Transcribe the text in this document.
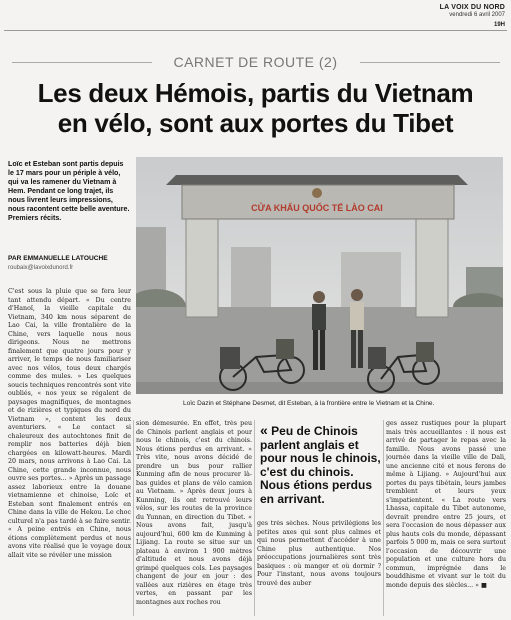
LA VOIX DU NORD
vendredi 6 avril 2007
19H
CARNET DE ROUTE (2)
Les deux Hémois, partis du Vietnam
en vélo, sont aux portes du Tibet
Loïc et Esteban sont partis depuis le 17 mars pour un périple à vélo, qui va les ramener du Vietnam à Hem. Pendant ce long trajet, ils nous livrent leurs impressions, nous racontent cette belle aventure. Premiers récits.
PAR EMMANUELLE LATOUCHE
roubaix@lavoixdunord.fr
CỬA KHẨU QUỐC TẾ LÀO CAI
Loïc Dazin et Stéphane Desmet, dit Esteban, à la frontière entre le Vietnam et la Chine.
C'est sous la pluie que se fera leur tant attendu départ. « Du centre d'Hanoï, la vieille capitale du Vietnam, 340 km nous séparent de Lao Cai, la ville frontalière de la Chine, vers laquelle nous nous dirigeons. Nous ne mettrons finalement que quatre jours pour y arriver, le temps de nous familiariser avec nos vélos, tous deux chargés comme des mules. » Les quelques soucis techniques rencontrés sont vite oubliés, « nos yeux se régalent de paysages magnifiques, de montagnes et de rizières et typiques du nord du Vietnam », content les deux aventuriers. « Le contact si chaleureux des autochtones finit de remplir nos batteries déjà bien chargées en kilowatt-heures. Mardi 20 mars, nous arrivons à Lao Cai. La Chine, cette grande inconnue, nous ouvre ses portes... » Après un passage assez laborieux entre la douane vietnamienne et chinoise, Loïc et Esteban sont finalement entrés en Chine dans la ville de Hekou. Le choc culturel n'a pas tardé à se faire sentir. « A peine entrés en Chine, nous étions complètement perdus et nous avons vite réalisé que le voyage doux allait vite se révéler une mission
sion démesurée. En effet, très peu de Chinois parlent anglais et pour nous le chinois, c'est du chinois. Nous étions perdus en arrivant. » Très vite, nous avons décidé de prendre un bus pour rallier Kunming afin de nous procurer là-bas guides et plans de vélo camion au Vietnam. » Après deux jours à Kunming, ils ont retrouvé leurs vélos, sur les routes de la province du Yunnan, en direction du Tibet. « Nous avons fait, jusqu'à aujourd'hui, 600 km de Kunming à Lijiang. La route se situe sur un plateau à environ 1 900 mètres d'altitude et nous avons déjà grimpé quelques cols. Les paysages changent de jour en jour : des vallées aux rizières en étage très vertes, en passant par les montagnes aux roches rou
« Peu de Chinois parlent anglais et pour nous le chinois, c'est du chinois. Nous étions perdus en arrivant.
ges très sèches. Nous privilégions les petites axes qui sont plus calmes et qui nous permettent d'accéder à une Chine plus authentique. Nos préoccupations journalières sont très basiques : où manger et où dormir ? Pour l'instant, nous avons toujours trouvé des auber
ges assez rustiques pour la plupart mais très accueillantes : il nous est arrivé de partager le repas avec la famille. Nous avons passé une journée dans la vieille ville de Dali, une ancienne cité et nous ferons de même à Lijiang. » Aujourd'hui aux portes du pays tibétain, leurs jambes tremblent et leurs yeux s'impatientent. « La route vers Lhassa, capitale du Tibet autonome, devrait prendre entre 25 jours, et sera l'occasion de nous dépasser aux plus hauts cols du monde, dépassant parfois 5 000 m, mais ce sera surtout l'occasion de découvrir une population et une culture hors du commun, imprégnée dans le bouddhisme et vivant sur le toit du monde depuis des siècles... » ■
